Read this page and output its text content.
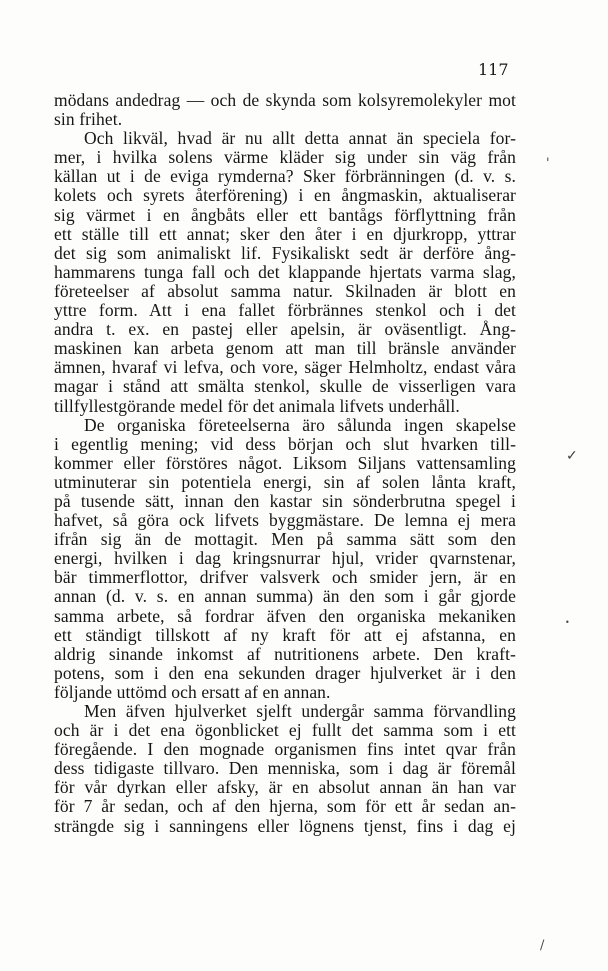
117
mödans andedrag — och de skynda som kolsyremolekyler mot
sin frihet.
Och likväl, hvad är nu allt detta annat än speciela for-
mer, i hvilka solens värme kläder sig under sin väg från
källan ut i de eviga rymderna? Sker förbränningen (d. v. s.
kolets och syrets återförening) i en ångmaskin, aktualiserar
sig värmet i en ångbåts eller ett bantågs förflyttning från
ett ställe till ett annat; sker den åter i en djurkropp, yttrar
det sig som animaliskt lif. Fysikaliskt sedt är derföre ång-
hammarens tunga fall och det klappande hjertats varma slag,
företeelser af absolut samma natur. Skilnaden är blott en
yttre form. Att i ena fallet förbrännes stenkol och i det
andra t. ex. en pastej eller apelsin, är oväsentligt. Ång-
maskinen kan arbeta genom att man till bränsle använder
ämnen, hvaraf vi lefva, och vore, säger Helmholtz, endast våra
magar i stånd att smälta stenkol, skulle de visserligen vara
tillfyllestgörande medel för det animala lifvets underhåll.
De organiska företeelserna äro sålunda ingen skapelse
i egentlig mening; vid dess början och slut hvarken till-
kommer eller förstöres något. Liksom Siljans vattensamling
utminuterar sin potentiela energi, sin af solen lånta kraft,
på tusende sätt, innan den kastar sin sönderbrutna spegel i
hafvet, så göra ock lifvets byggmästare. De lemna ej mera
ifrån sig än de mottagit. Men på samma sätt som den
energi, hvilken i dag kringsnurrar hjul, vrider qvarnstenar,
bär timmerflottor, drifver valsverk och smider jern, är en
annan (d. v. s. en annan summa) än den som i går gjorde
samma arbete, så fordrar äfven den organiska mekaniken
ett ständigt tillskott af ny kraft för att ej afstanna, en
aldrig sinande inkomst af nutritionens arbete. Den kraft-
potens, som i den ena sekunden drager hjulverket är i den
följande uttömd och ersatt af en annan.
Men äfven hjulverket sjelft undergår samma förvandling
och är i det ena ögonblicket ej fullt det samma som i ett
föregående. I den mognade organismen fins intet qvar från
dess tidigaste tillvaro. Den menniska, som i dag är föremål
för vår dyrkan eller afsky, är en absolut annan än han var
för 7 år sedan, och af den hjerna, som för ett år sedan an-
strängde sig i sanningens eller lögnens tjenst, fins i dag ej
'
✓
•
/
